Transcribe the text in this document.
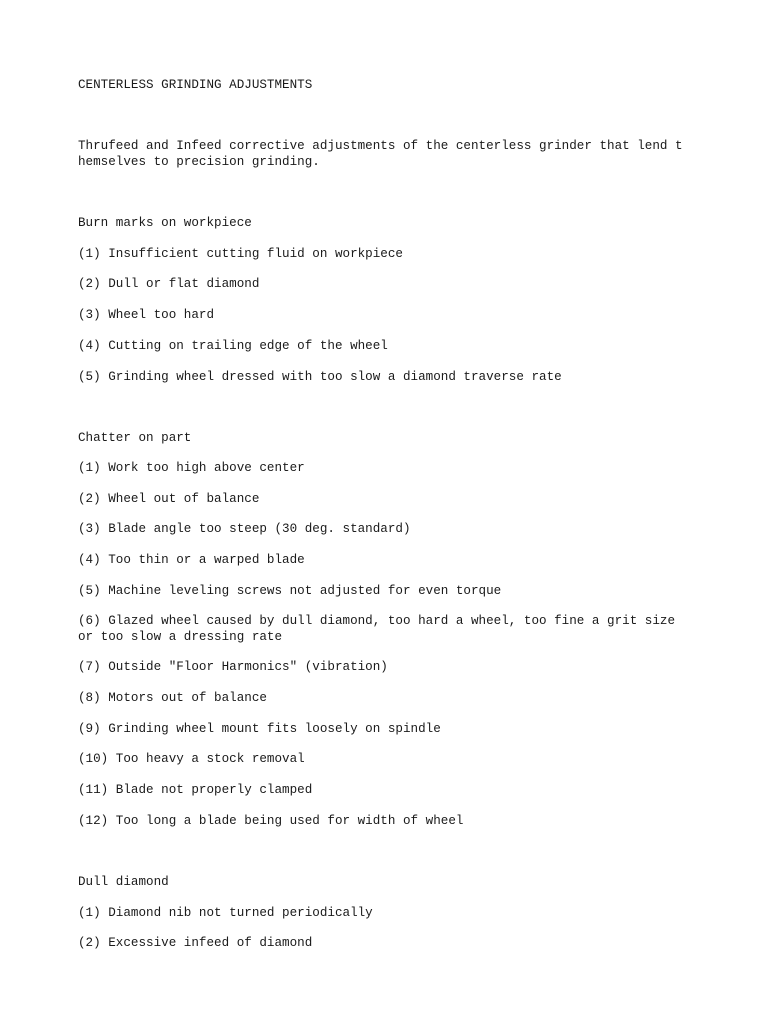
CENTERLESS GRINDING ADJUSTMENTS

Thrufeed and Infeed corrective adjustments of the centerless grinder that lend t

hemselves to precision grinding.

Burn marks on workpiece

(1) Insufficient cutting fluid on workpiece

(2) Dull or flat diamond

(3) Wheel too hard

(4) Cutting on trailing edge of the wheel

(5) Grinding wheel dressed with too slow a diamond traverse rate

Chatter on part

(1) Work too high above center

(2) Wheel out of balance

(3) Blade angle too steep (30 deg. standard)

(4) Too thin or a warped blade

(5) Machine leveling screws not adjusted for even torque

(6) Glazed wheel caused by dull diamond, too hard a wheel, too fine a grit size

or too slow a dressing rate

(7) Outside "Floor Harmonics" (vibration)

(8) Motors out of balance

(9) Grinding wheel mount fits loosely on spindle

(10) Too heavy a stock removal

(11) Blade not properly clamped

(12) Too long a blade being used for width of wheel

Dull diamond

(1) Diamond nib not turned periodically

(2) Excessive infeed of diamond
